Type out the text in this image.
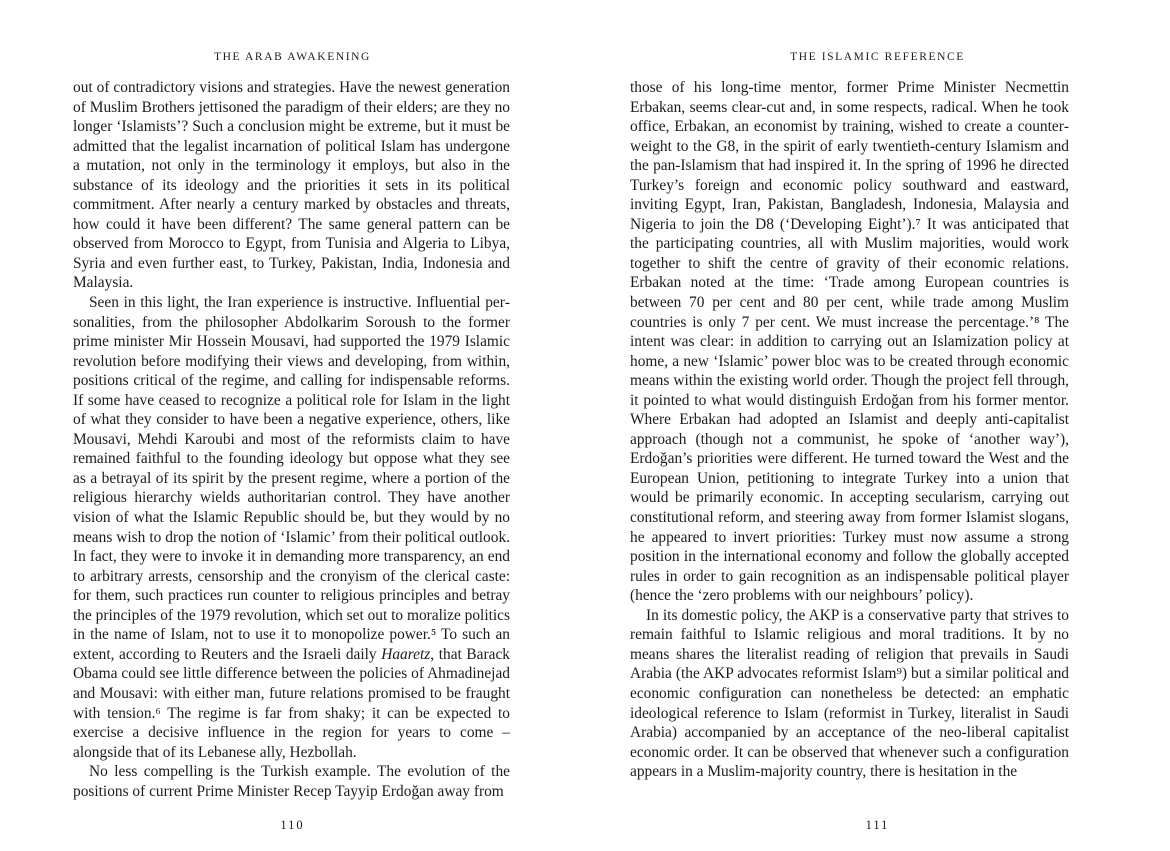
THE ARAB AWAKENING

out of contradictory visions and strategies. Have the newest generation of Muslim Brothers jettisoned the paradigm of their elders; are they no longer ‘Islamists’? Such a conclusion might be extreme, but it must be admitted that the legalist incarnation of political Islam has undergone a mutation, not only in the terminology it employs, but also in the substance of its ideology and the priorities it sets in its political commitment. After nearly a century marked by obstacles and threats, how could it have been different? The same general pattern can be observed from Morocco to Egypt, from Tunisia and Algeria to Libya, Syria and even further east, to Turkey, Pakistan, India, Indonesia and Malaysia.

Seen in this light, the Iran experience is instructive. Influential personalities, from the philosopher Abdolkarim Soroush to the former prime minister Mir Hossein Mousavi, had supported the 1979 Islamic revolution before modifying their views and developing, from within, positions critical of the regime, and calling for indispensable reforms. If some have ceased to recognize a political role for Islam in the light of what they consider to have been a negative experience, others, like Mousavi, Mehdi Karoubi and most of the reformists claim to have remained faithful to the founding ideology but oppose what they see as a betrayal of its spirit by the present regime, where a portion of the religious hierarchy wields authoritarian control. They have another vision of what the Islamic Republic should be, but they would by no means wish to drop the notion of ‘Islamic’ from their political outlook. In fact, they were to invoke it in demanding more transparency, an end to arbitrary arrests, censorship and the cronyism of the clerical caste: for them, such practices run counter to religious principles and betray the principles of the 1979 revolution, which set out to moralize politics in the name of Islam, not to use it to monopolize power.⁵ To such an extent, according to Reuters and the Israeli daily Haaretz, that Barack Obama could see little difference between the policies of Ahmadinejad and Mousavi: with either man, future relations promised to be fraught with tension.⁶ The regime is far from shaky; it can be expected to exercise a decisive influence in the region for years to come – alongside that of its Lebanese ally, Hezbollah.

No less compelling is the Turkish example. The evolution of the positions of current Prime Minister Recep Tayyip Erdoğan away from

110
THE ISLAMIC REFERENCE

those of his long-time mentor, former Prime Minister Necmettin Erbakan, seems clear-cut and, in some respects, radical. When he took office, Erbakan, an economist by training, wished to create a counterweight to the G8, in the spirit of early twentieth-century Islamism and the pan-Islamism that had inspired it. In the spring of 1996 he directed Turkey’s foreign and economic policy southward and eastward, inviting Egypt, Iran, Pakistan, Bangladesh, Indonesia, Malaysia and Nigeria to join the D8 (‘Developing Eight’).⁷ It was anticipated that the participating countries, all with Muslim majorities, would work together to shift the centre of gravity of their economic relations. Erbakan noted at the time: ‘Trade among European countries is between 70 per cent and 80 per cent, while trade among Muslim countries is only 7 per cent. We must increase the percentage.’⁸ The intent was clear: in addition to carrying out an Islamization policy at home, a new ‘Islamic’ power bloc was to be created through economic means within the existing world order. Though the project fell through, it pointed to what would distinguish Erdoğan from his former mentor. Where Erbakan had adopted an Islamist and deeply anti-capitalist approach (though not a communist, he spoke of ‘another way’), Erdoğan’s priorities were different. He turned toward the West and the European Union, petitioning to integrate Turkey into a union that would be primarily economic. In accepting secularism, carrying out constitutional reform, and steering away from former Islamist slogans, he appeared to invert priorities: Turkey must now assume a strong position in the international economy and follow the globally accepted rules in order to gain recognition as an indispensable political player (hence the ‘zero problems with our neighbours’ policy).

In its domestic policy, the AKP is a conservative party that strives to remain faithful to Islamic religious and moral traditions. It by no means shares the literalist reading of religion that prevails in Saudi Arabia (the AKP advocates reformist Islam⁹) but a similar political and economic configuration can nonetheless be detected: an emphatic ideological reference to Islam (reformist in Turkey, literalist in Saudi Arabia) accompanied by an acceptance of the neo-liberal capitalist economic order. It can be observed that whenever such a configuration appears in a Muslim-majority country, there is hesitation in the

111
